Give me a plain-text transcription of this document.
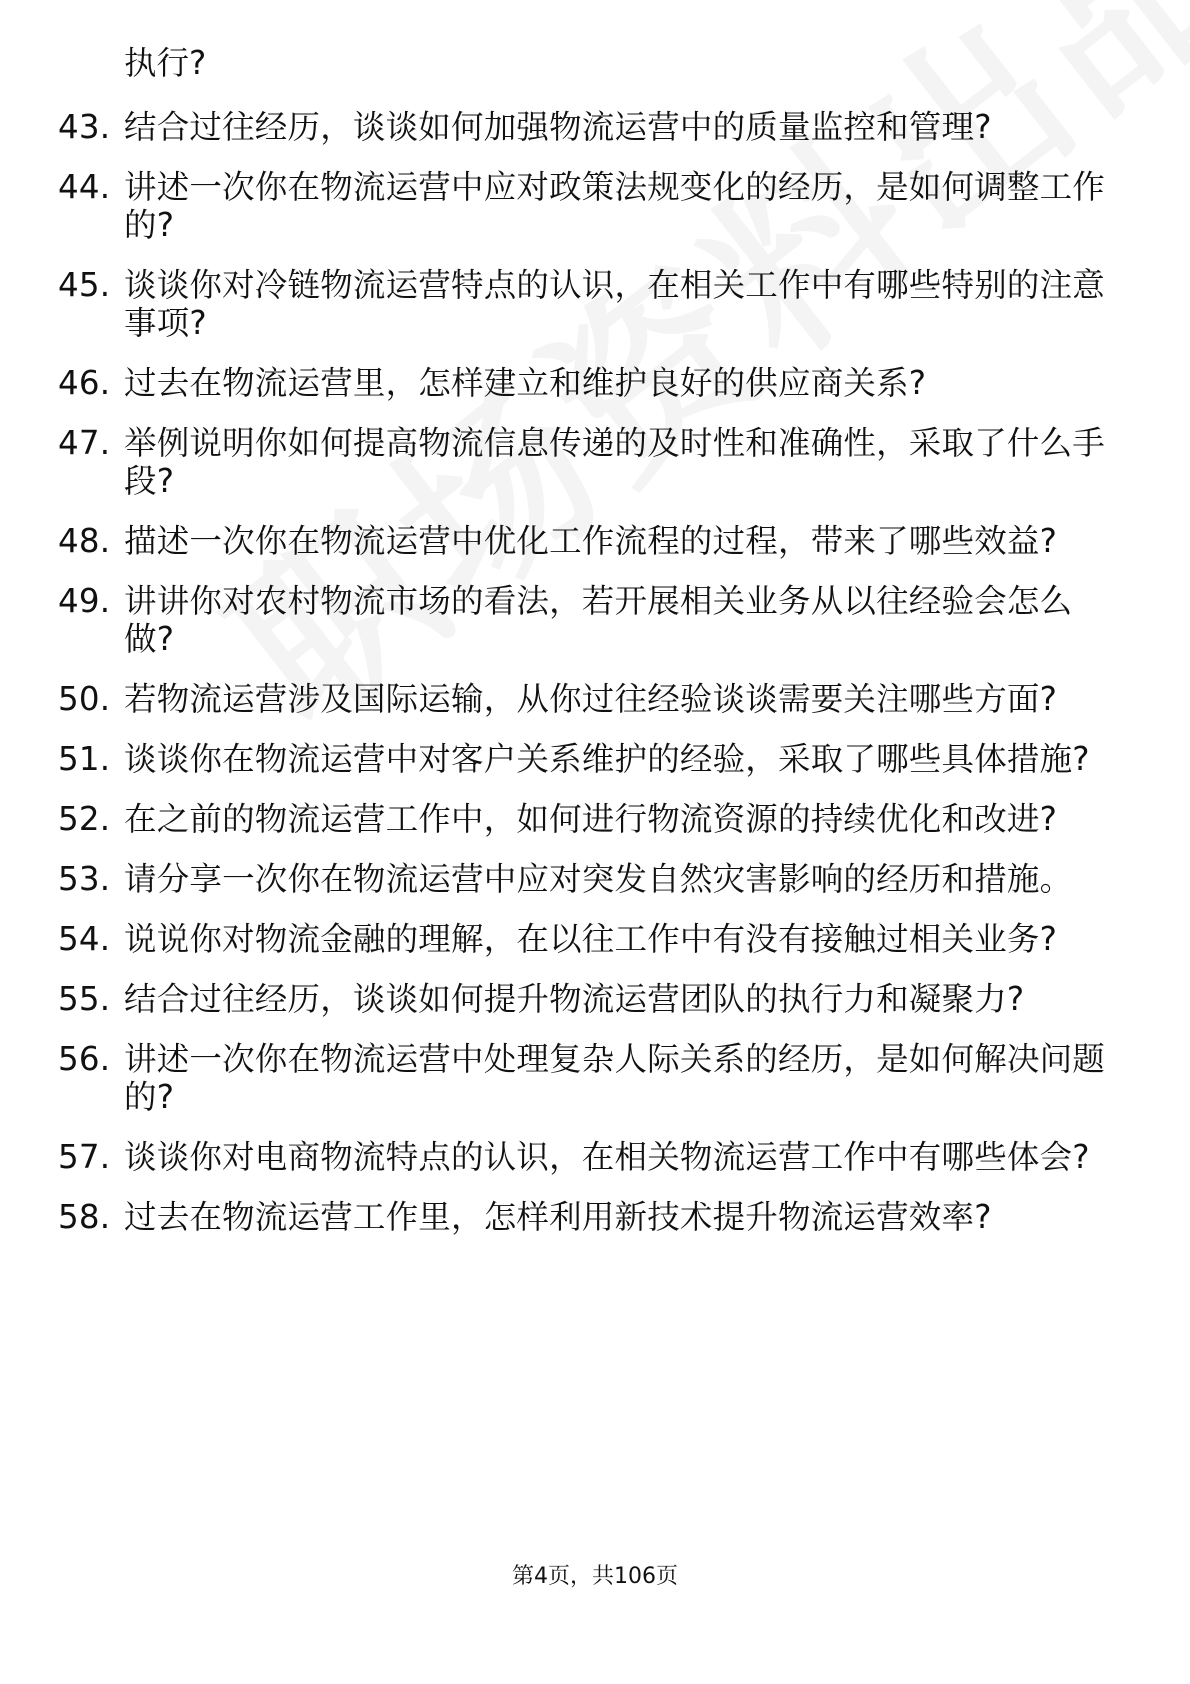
执行?
43. 结合过往经历，谈谈如何加强物流运营中的质量监控和管理?
44. 讲述一次你在物流运营中应对政策法规变化的经历，是如何调整工作的?
45. 谈谈你对冷链物流运营特点的认识，在相关工作中有哪些特别的注意事项?
46. 过去在物流运营里，怎样建立和维护良好的供应商关系?
47. 举例说明你如何提高物流信息传递的及时性和准确性，采取了什么手段?
48. 描述一次你在物流运营中优化工作流程的过程，带来了哪些效益?
49. 讲讲你对农村物流市场的看法，若开展相关业务从以往经验会怎么做?
50. 若物流运营涉及国际运输，从你过往经验谈谈需要关注哪些方面?
51. 谈谈你在物流运营中对客户关系维护的经验，采取了哪些具体措施?
52. 在之前的物流运营工作中，如何进行物流资源的持续优化和改进?
53. 请分享一次你在物流运营中应对突发自然灾害影响的经历和措施。
54. 说说你对物流金融的理解，在以往工作中有没有接触过相关业务?
55. 结合过往经历，谈谈如何提升物流运营团队的执行力和凝聚力?
56. 讲述一次你在物流运营中处理复杂人际关系的经历，是如何解决问题的?
57. 谈谈你对电商物流特点的认识，在相关物流运营工作中有哪些体会?
58. 过去在物流运营工作里，怎样利用新技术提升物流运营效率?
第4页，共106页
